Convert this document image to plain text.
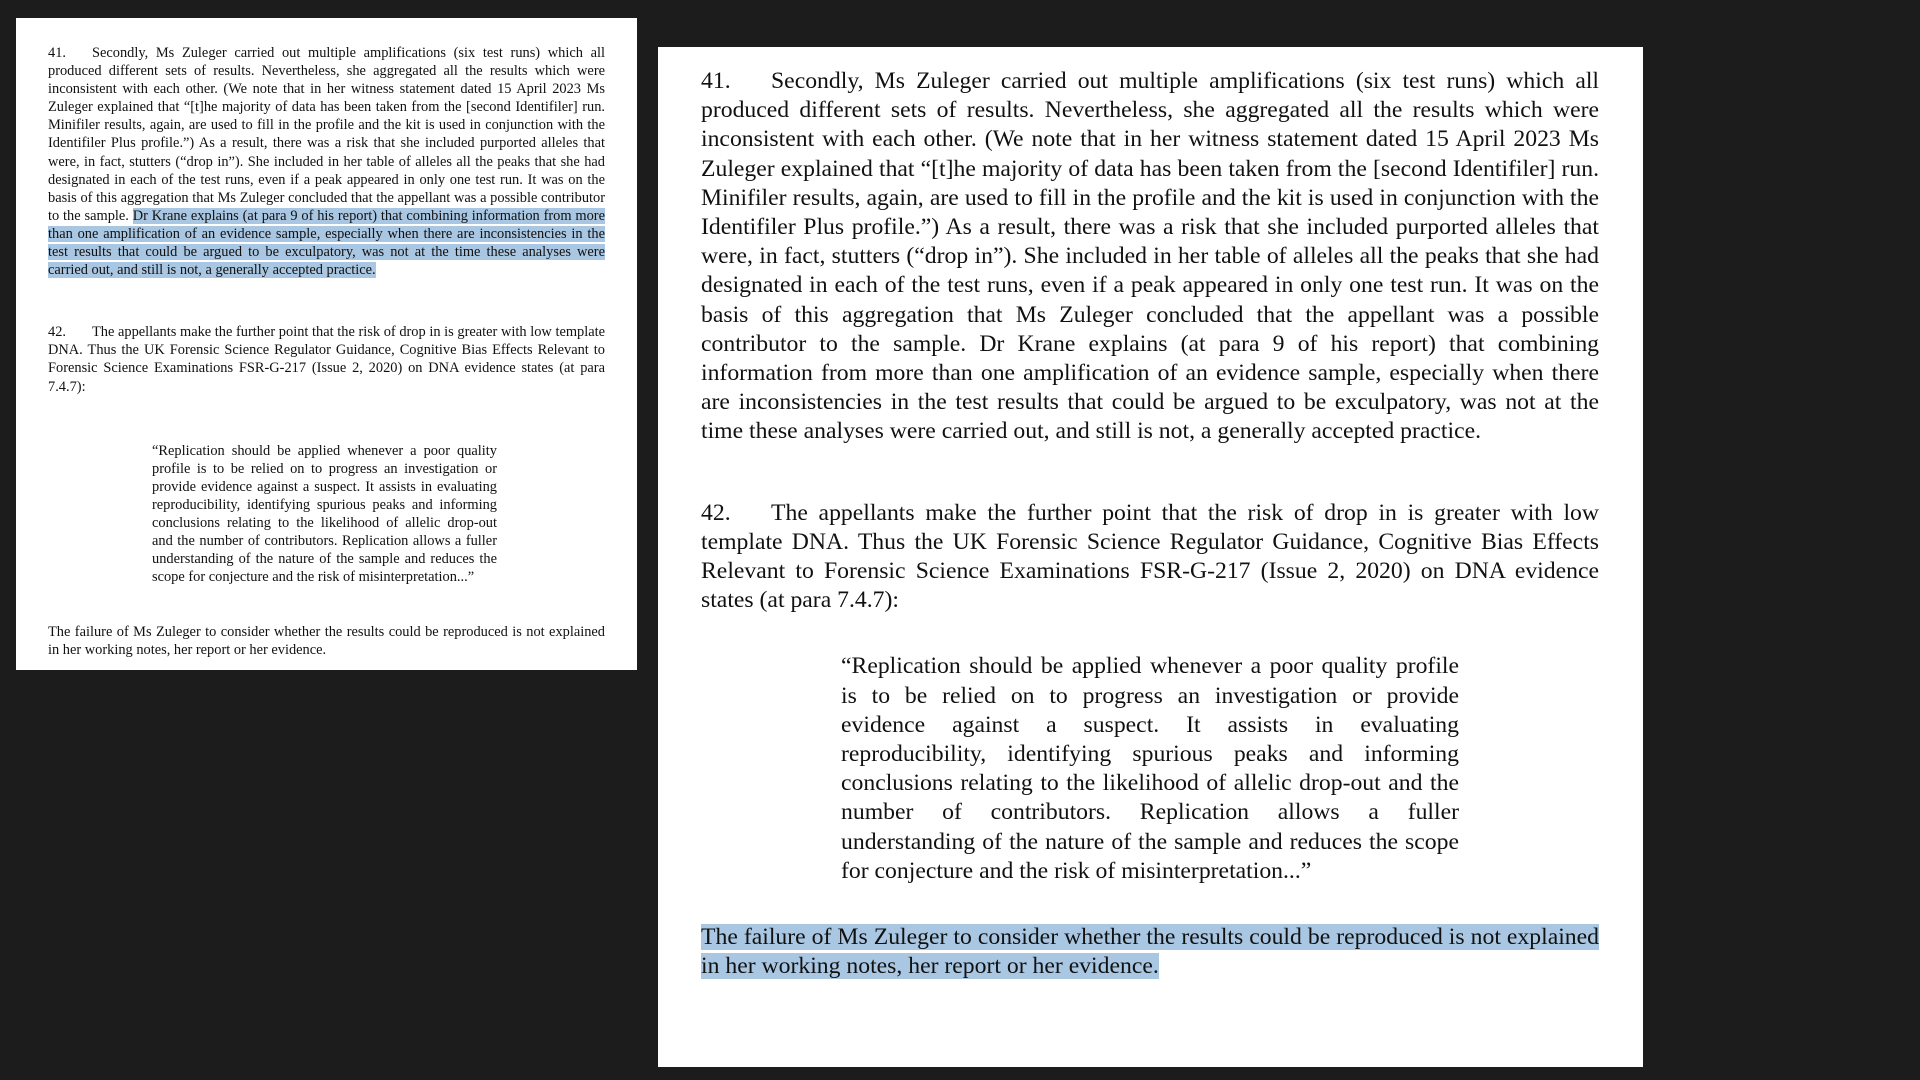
41. Secondly, Ms Zuleger carried out multiple amplifications (six test runs) which all produced different sets of results. Nevertheless, she aggregated all the results which were inconsistent with each other. (We note that in her witness statement dated 15 April 2023 Ms Zuleger explained that “[t]he majority of data has been taken from the [second Identifiler] run. Minifiler results, again, are used to fill in the profile and the kit is used in conjunction with the Identifiler Plus profile.”) As a result, there was a risk that she included purported alleles that were, in fact, stutters (“drop in”). She included in her table of alleles all the peaks that she had designated in each of the test runs, even if a peak appeared in only one test run. It was on the basis of this aggregation that Ms Zuleger concluded that the appellant was a possible contributor to the sample. Dr Krane explains (at para 9 of his report) that combining information from more than one amplification of an evidence sample, especially when there are inconsistencies in the test results that could be argued to be exculpatory, was not at the time these analyses were carried out, and still is not, a generally accepted practice.

42. The appellants make the further point that the risk of drop in is greater with low template DNA. Thus the UK Forensic Science Regulator Guidance, Cognitive Bias Effects Relevant to Forensic Science Examinations FSR-G-217 (Issue 2, 2020) on DNA evidence states (at para 7.4.7):

“Replication should be applied whenever a poor quality profile is to be relied on to progress an investigation or provide evidence against a suspect. It assists in evaluating reproducibility, identifying spurious peaks and informing conclusions relating to the likelihood of allelic drop-out and the number of contributors. Replication allows a fuller understanding of the nature of the sample and reduces the scope for conjecture and the risk of misinterpretation...”

The failure of Ms Zuleger to consider whether the results could be reproduced is not explained in her working notes, her report or her evidence.

41. Secondly, Ms Zuleger carried out multiple amplifications (six test runs) which all produced different sets of results. Nevertheless, she aggregated all the results which were inconsistent with each other. (We note that in her witness statement dated 15 April 2023 Ms Zuleger explained that “[t]he majority of data has been taken from the [second Identifiler] run. Minifiler results, again, are used to fill in the profile and the kit is used in conjunction with the Identifiler Plus profile.”) As a result, there was a risk that she included purported alleles that were, in fact, stutters (“drop in”). She included in her table of alleles all the peaks that she had designated in each of the test runs, even if a peak appeared in only one test run. It was on the basis of this aggregation that Ms Zuleger concluded that the appellant was a possible contributor to the sample. Dr Krane explains (at para 9 of his report) that combining information from more than one amplification of an evidence sample, especially when there are inconsistencies in the test results that could be argued to be exculpatory, was not at the time these analyses were carried out, and still is not, a generally accepted practice.

42. The appellants make the further point that the risk of drop in is greater with low template DNA. Thus the UK Forensic Science Regulator Guidance, Cognitive Bias Effects Relevant to Forensic Science Examinations FSR-G-217 (Issue 2, 2020) on DNA evidence states (at para 7.4.7):

“Replication should be applied whenever a poor quality profile is to be relied on to progress an investigation or provide evidence against a suspect. It assists in evaluating reproducibility, identifying spurious peaks and informing conclusions relating to the likelihood of allelic drop-out and the number of contributors. Replication allows a fuller understanding of the nature of the sample and reduces the scope for conjecture and the risk of misinterpretation...”

The failure of Ms Zuleger to consider whether the results could be reproduced is not explained in her working notes, her report or her evidence.
